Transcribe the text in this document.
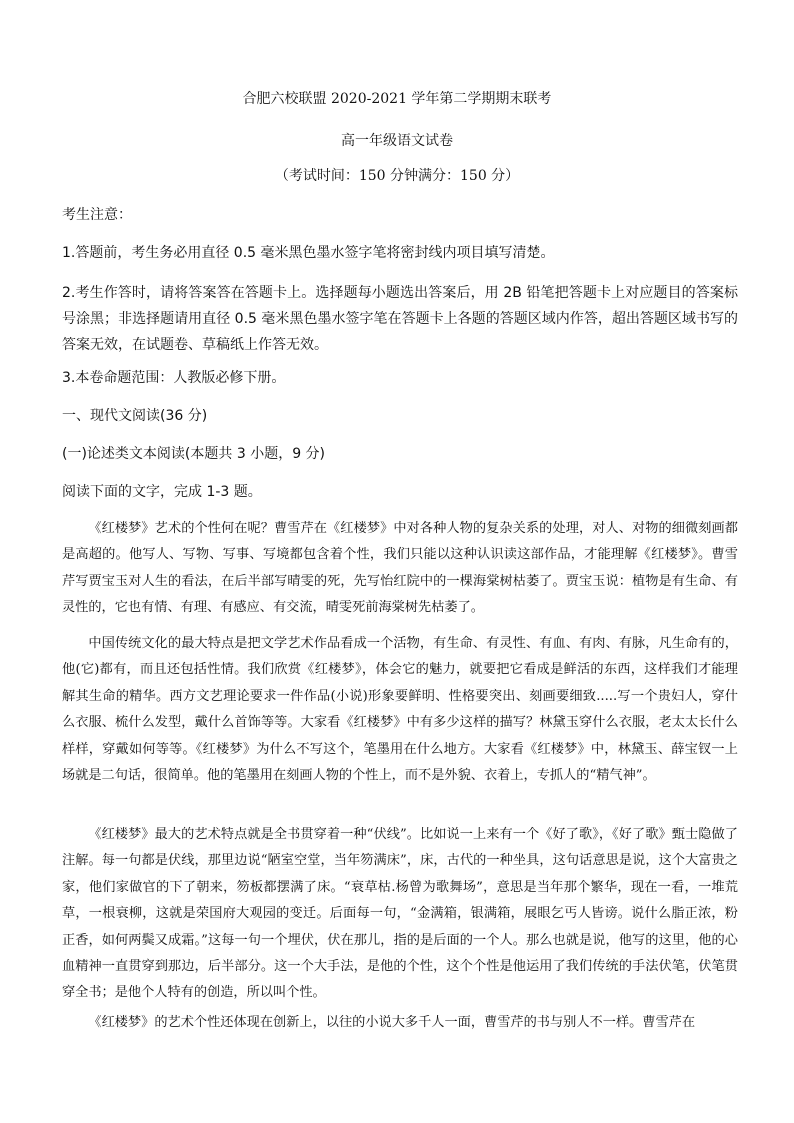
合肥六校联盟 2020-2021 学年第二学期期末联考
高一年级语文试卷
（考试时间：150 分钟满分：150 分）
考生注意：
1.答题前，考生务必用直径 0.5 毫米黑色墨水签字笔将密封线内项目填写清楚。

2.考生作答时，请将答案答在答题卡上。选择题每小题选出答案后，用 2B 铅笔把答题卡上对应题目的答案标号涂黑；非选择题请用直径 0.5 毫米黑色墨水签字笔在答题卡上各题的答题区域内作答，超出答题区域书写的答案无效，在试题卷、草稿纸上作答无效。

3.本卷命题范围：人教版必修下册。
一、现代文阅读(36 分)
(一)论述类文本阅读(本题共 3 小题，9 分)
阅读下面的文字，完成 1-3 题。

《红楼梦》艺术的个性何在呢？曹雪芹在《红楼梦》中对各种人物的复杂关系的处理，对人、对物的细微刻画都是高超的。他写人、写物、写事、写境都包含着个性，我们只能以这种认识读这部作品，才能理解《红楼梦》。曹雪芹写贾宝玉对人生的看法，在后半部写晴雯的死，先写怡红院中的一棵海棠树枯萎了。贾宝玉说：植物是有生命、有灵性的，它也有情、有理、有感应、有交流，晴雯死前海棠树先枯萎了。

中国传统文化的最大特点是把文学艺术作品看成一个活物，有生命、有灵性、有血、有肉、有脉，凡生命有的，他(它)都有，而且还包括性情。我们欣赏《红楼梦》，体会它的魅力，就要把它看成是鲜活的东西，这样我们才能理解其生命的精华。西方文艺理论要求一件作品(小说)形象要鲜明、性格要突出、刻画要细致.....写一个贵妇人，穿什么衣服、梳什么发型，戴什么首饰等等。大家看《红楼梦》中有多少这样的描写？林黛玉穿什么衣服，老太太长什么样样，穿戴如何等等。《红楼梦》为什么不写这个，笔墨用在什么地方。大家看《红楼梦》中，林黛玉、薛宝钗一上场就是二句话，很简单。他的笔墨用在刻画人物的个性上，而不是外貌、衣着上，专抓人的“精气神”。

《红楼梦》最大的艺术特点就是全书贯穿着一种“伏线”。比如说一上来有一个《好了歌》，《好了歌》甄士隐做了注解。每一句都是伏线，那里边说“陋室空堂，当年笏满床”，床，古代的一种坐具，这句话意思是说，这个大富贵之家，他们家做官的下了朝来，笏板都摆满了床。“衰草枯.杨曾为歌舞场”，意思是当年那个繁华，现在一看，一堆荒草，一根衰柳，这就是荣国府大观园的变迁。后面每一句，“金满箱，银满箱，展眼乞丐人皆谤。说什么脂正浓，粉正香，如何两鬓又成霜。”这每一句一个埋伏，伏在那儿，指的是后面的一个人。那么也就是说，他写的这里，他的心血精神一直贯穿到那边，后半部分。这一个大手法，是他的个性，这个个性是他运用了我们传统的手法伏笔，伏笔贯穿全书；是他个人特有的创造，所以叫个性。

《红楼梦》的艺术个性还体现在创新上，以往的小说大多千人一面，曹雪芹的书与别人不一样。曹雪芹在
